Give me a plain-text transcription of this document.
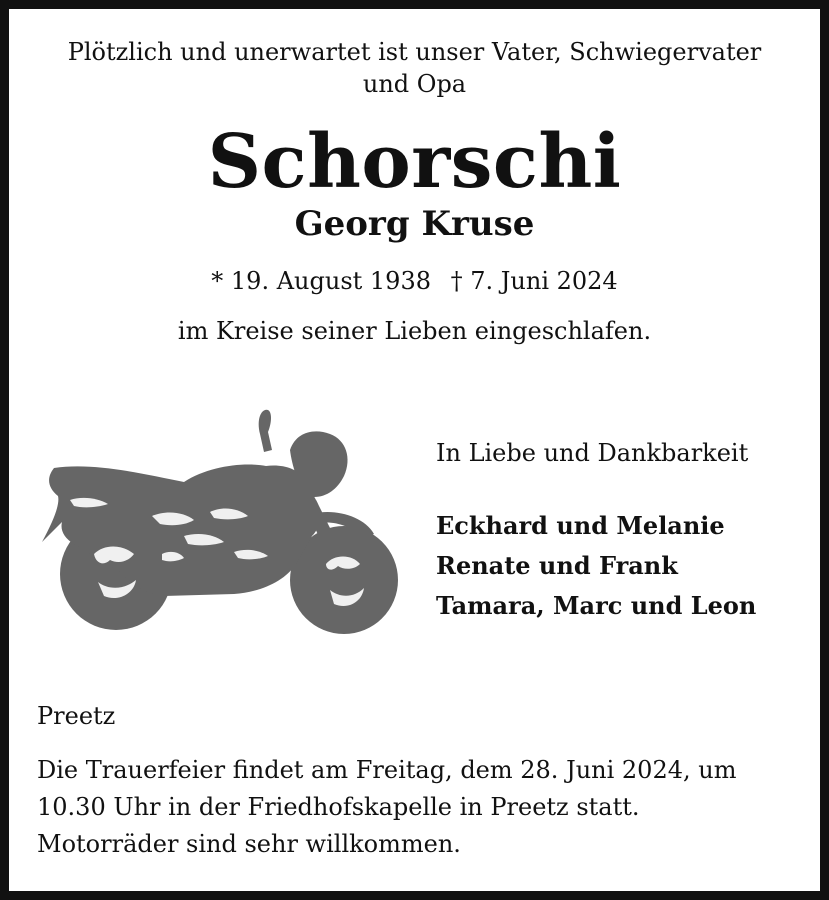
Plötzlich und unerwartet ist unser Vater, Schwiegervater
und Opa
Schorschi
Georg Kruse
* 19. August 1938 † 7. Juni 2024
im Kreise seiner Lieben eingeschlafen.
In Liebe und Dankbarkeit
Eckhard und Melanie
Renate und Frank
Tamara, Marc und Leon
Preetz
Die Trauerfeier findet am Freitag, dem 28. Juni 2024, um
10.30 Uhr in der Friedhofskapelle in Preetz statt.
Motorräder sind sehr willkommen.
